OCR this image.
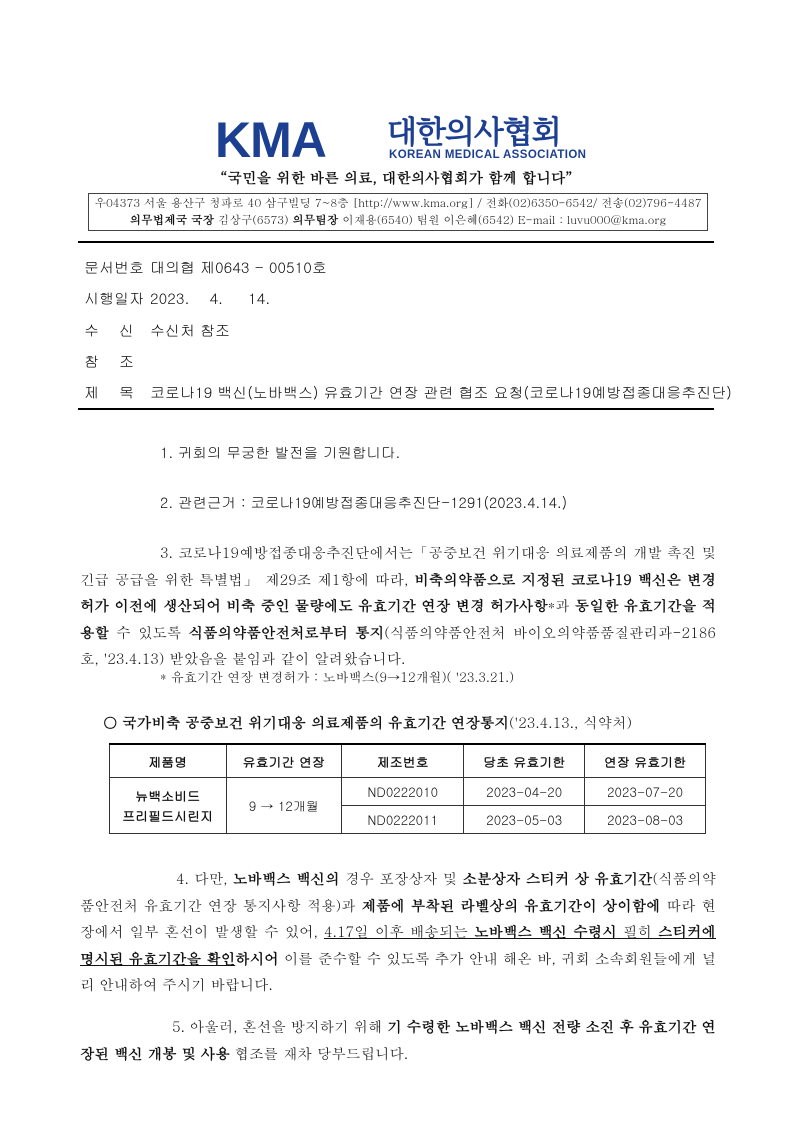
KMA 대한의사협회
KOREAN MEDICAL ASSOCIATION
“국민을 위한 바른 의료, 대한의사협회가 함께 합니다”
우04373 서울 용산구 청파로 40 삼구빌딩 7~8층 [http://www.kma.org] / 전화(02)6350-6542/ 전송(02)796-4487
의무법제국 국장 김상구(6573) 의무팀장 이재용(6540) 팀원 이은혜(6542) E-mail : luvu000@kma.org
문서번호 대의협 제0643 - 00510호
시행일자 2023.    4.     14.
수    신 수신처 참조
참    조
제    목 코로나19 백신(노바백스) 유효기간 연장 관련 협조 요청(코로나19예방접종대응추진단)
1. 귀회의 무궁한 발전을 기원합니다.
2. 관련근거 : 코로나19예방접종대응추진단-1291(2023.4.14.)
3. 코로나19예방접종대응추진단에서는「공중보건 위기대응 의료제품의 개발 촉진 및 긴급 공급을 위한 특별법」 제29조 제1항에 따라, 비축의약품으로 지정된 코로나19 백신은 변경허가 이전에 생산되어 비축 중인 물량에도 유효기간 연장 변경 허가사항*과 동일한 유효기간을 적용할 수 있도록 식품의약품안전처로부터 통지(식품의약품안전처 바이오의약품품질관리과-2186호, '23.4.13) 받았음을 붙임과 같이 알려왔습니다.
* 유효기간 연장 변경허가 : 노바백스(9→12개월)( '23.3.21.)
○ 국가비축 공중보건 위기대응 의료제품의 유효기간 연장통지('23.4.13., 식약처)
제품명	유효기간 연장	제조번호	당초 유효기한	연장 유효기한

뉴백소비드
프리필드시린지	9 → 12개월	ND0222010	2023-04-20	2023-07-20
		ND0222011	2023-05-03	2023-08-03
4. 다만, 노바백스 백신의 경우 포장상자 및 소분상자 스티커 상 유효기간(식품의약품안전처 유효기간 연장 통지사항 적용)과 제품에 부착된 라벨상의 유효기간이 상이함에 따라 현장에서 일부 혼선이 발생할 수 있어, 4.17일 이후 배송되는 노바백스 백신 수령시 필히 스티커에 명시된 유효기간을 확인하시어 이를 준수할 수 있도록 추가 안내 해온 바, 귀회 소속회원들에게 널리 안내하여 주시기 바랍니다.
5. 아울러, 혼선을 방지하기 위해 기 수령한 노바백스 백신 전량 소진 후 유효기간 연장된 백신 개봉 및 사용 협조를 재차 당부드립니다.
